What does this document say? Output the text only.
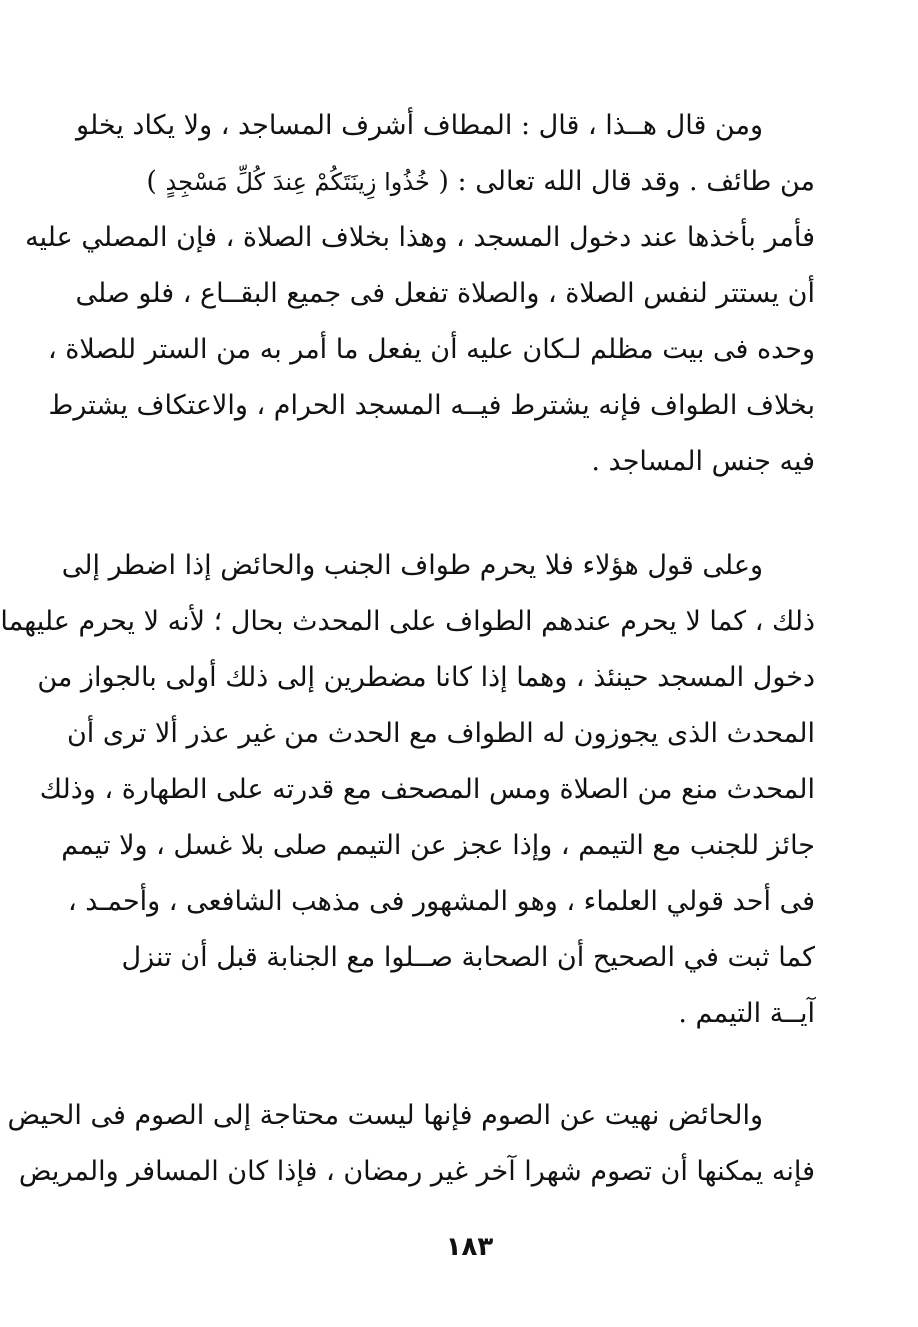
ومن قال هــذا ، قال : المطاف أشرف المساجد ، ولا يكاد يخلو
من طائف . وقد قال الله تعالى : ( خُذُوا زِينَتَكُمْ عِندَ كُلِّ مَسْجِدٍ )
فأمر بأخذها عند دخول المسجد ، وهذا بخلاف الصلاة ، فإن المصلي عليه
أن يستتر لنفس الصلاة ، والصلاة تفعل فى جميع البقــاع ، فلو صلى
وحده فى بيت مظلم لـكان عليه أن يفعل ما أمر به من الستر للصلاة ،
بخلاف الطواف فإنه يشترط فيــه المسجد الحرام ، والاعتكاف يشترط
فيه جنس المساجد .
وعلى قول هؤلاء فلا يحرم طواف الجنب والحائض إذا اضطر إلى
ذلك ، كما لا يحرم عندهم الطواف على المحدث بحال ؛ لأنه لا يحرم عليهما
دخول المسجد حينئذ ، وهما إذا كانا مضطرين إلى ذلك أولى بالجواز من
المحدث الذى يجوزون له الطواف مع الحدث من غير عذر ألا ترى أن
المحدث منع من الصلاة ومس المصحف مع قدرته على الطهارة ، وذلك
جائز للجنب مع التيمم ، وإذا عجز عن التيمم صلى بلا غسل ، ولا تيمم
فى أحد قولي العلماء ، وهو المشهور فى مذهب الشافعى ، وأحمـد ،
كما ثبت في الصحيح أن الصحابة صــلوا مع الجنابة قبل أن تنزل
آيــة التيمم .
والحائض نهيت عن الصوم فإنها ليست محتاجة إلى الصوم فى الحيض
فإنه يمكنها أن تصوم شهرا آخر غير رمضان ، فإذا كان المسافر والمريض
١٨٣
